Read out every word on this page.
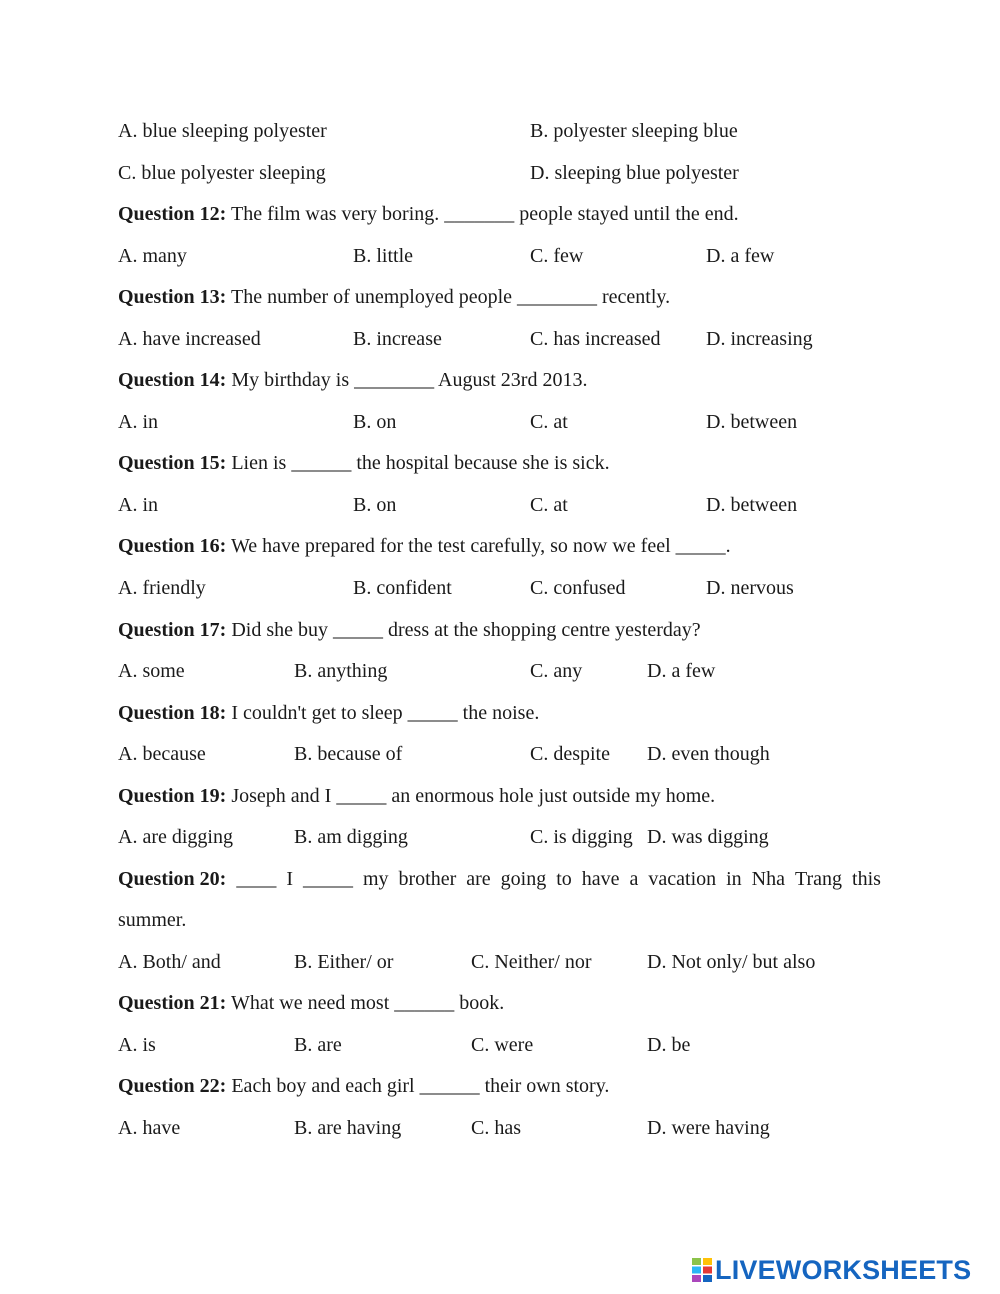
A. blue sleeping polyester	B. polyester sleeping blue
C. blue polyester sleeping	D. sleeping blue polyester
Question 12: The film was very boring. _______ people stayed until the end.
A. many	B. little	C. few	D. a few
Question 13: The number of unemployed people ________ recently.
A. have increased	B. increase	C. has increased D. increasing
Question 14: My birthday is ________ August 23rd 2013.
A. in	B. on	C. at	D. between
Question 15: Lien is ______ the hospital because she is sick.
A. in	B. on	C. at	D. between
Question 16: We have prepared for the test carefully, so now we feel _____.
A. friendly	B. confident	C. confused	D. nervous
Question 17: Did she buy _____ dress at the shopping centre yesterday?
A. some	B. anything	C. any	D. a few
Question 18: I couldn't get to sleep _____ the noise.
A. because	B. because of	C. despite D. even though
Question 19: Joseph and I _____ an enormous hole just outside my home.
A. are digging	B. am digging	C. is digging D. was digging
Question 20: ____ I _____ my brother are going to have a vacation in Nha Trang this
summer.
A. Both/ and	B. Either/ or	C. Neither/ nor	D. Not only/ but also
Question 21: What we need most ______ book.
A. is	B. are	C. were	D. be
Question 22: Each boy and each girl ______ their own story.
A. have	B. are having	C. has	D. were having
LIVEWORKSHEETS
